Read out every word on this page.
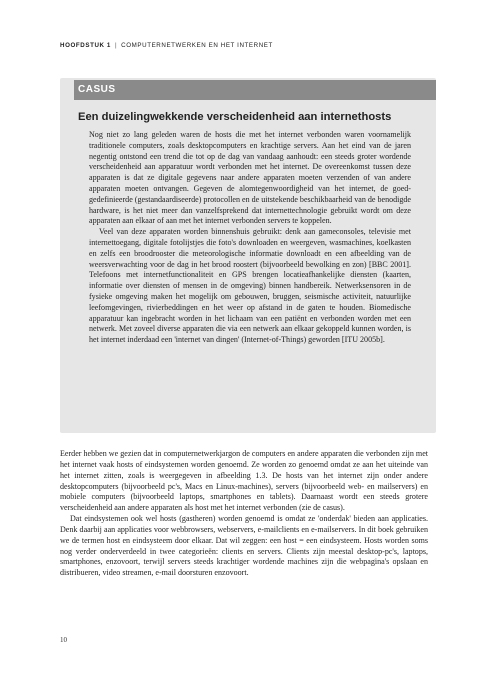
HOOFDSTUK 1 | COMPUTERNETWERKEN EN HET INTERNET
CASUS
Een duizelingwekkende verscheidenheid aan internethosts

Nog niet zo lang geleden waren de hosts die met het internet verbonden waren voornamelijk traditionele computers, zoals desktopcomputers en krachtige servers. Aan het eind van de jaren negentig ontstond een trend die tot op de dag van vandaag aanhoudt: een steeds groter wordende verscheidenheid aan apparatuur wordt verbonden met het internet. De overeenkomst tussen deze apparaten is dat ze digitale gegevens naar andere apparaten moeten verzenden of van andere apparaten moeten ontvangen. Gegeven de alomtegenwoordigheid van het internet, de goed-gedefinieerde (gestandaardiseerde) protocollen en de uitstekende beschikbaarheid van de benodigde hardware, is het niet meer dan vanzelfsprekend dat internettechnologie gebruikt wordt om deze apparaten aan elkaar of aan met het internet verbonden servers te koppelen.

Veel van deze apparaten worden binnenshuis gebruikt: denk aan gameconsoles, televisie met internettoegang, digitale fotolijstjes die foto's downloaden en weergeven, wasmachines, koelkasten en zelfs een broodrooster die meteorologische informatie downloadt en een afbeelding van de weersverwachting voor de dag in het brood roostert (bijvoorbeeld bewolking en zon) [BBC 2001]. Telefoons met internetfunctionaliteit en GPS brengen locatieafhankelijke diensten (kaarten, informatie over diensten of mensen in de omgeving) binnen handbereik. Netwerksensoren in de fysieke omgeving maken het mogelijk om gebouwen, bruggen, seismische activiteit, natuurlijke leefomgevingen, rivierbeddingen en het weer op afstand in de gaten te houden. Biomedische apparatuur kan ingebracht worden in het lichaam van een patiënt en verbonden worden met een netwerk. Met zoveel diverse apparaten die via een netwerk aan elkaar gekoppeld kunnen worden, is het internet inderdaad een 'internet van dingen' (Internet-of-Things) geworden [ITU 2005b].

Eerder hebben we gezien dat in computernetwerkjargon de computers en andere apparaten die verbonden zijn met het internet vaak hosts of eindsystemen worden genoemd. Ze worden zo genoemd omdat ze aan het uiteinde van het internet zitten, zoals is weergegeven in afbeelding 1.3. De hosts van het internet zijn onder andere desktopcomputers (bijvoorbeeld pc's, Macs en Linux-machines), servers (bijvoorbeeld web- en mailservers) en mobiele computers (bijvoorbeeld laptops, smartphones en tablets). Daarnaast wordt een steeds grotere verscheidenheid aan andere apparaten als host met het internet verbonden (zie de casus).

Dat eindsystemen ook wel hosts (gastheren) worden genoemd is omdat ze 'onderdak' bieden aan applicaties. Denk daarbij aan applicaties voor webbrowsers, webservers, e-mailclients en e-mailservers. In dit boek gebruiken we de termen host en eindsysteem door elkaar. Dat wil zeggen: een host = een eindsysteem. Hosts worden soms nog verder onderverdeeld in twee categorieën: clients en servers. Clients zijn meestal desktop-pc's, laptops, smartphones, enzovoort, terwijl servers steeds krachtiger wordende machines zijn die webpagina's opslaan en distribueren, video streamen, e-mail doorsturen enzovoort.

10
